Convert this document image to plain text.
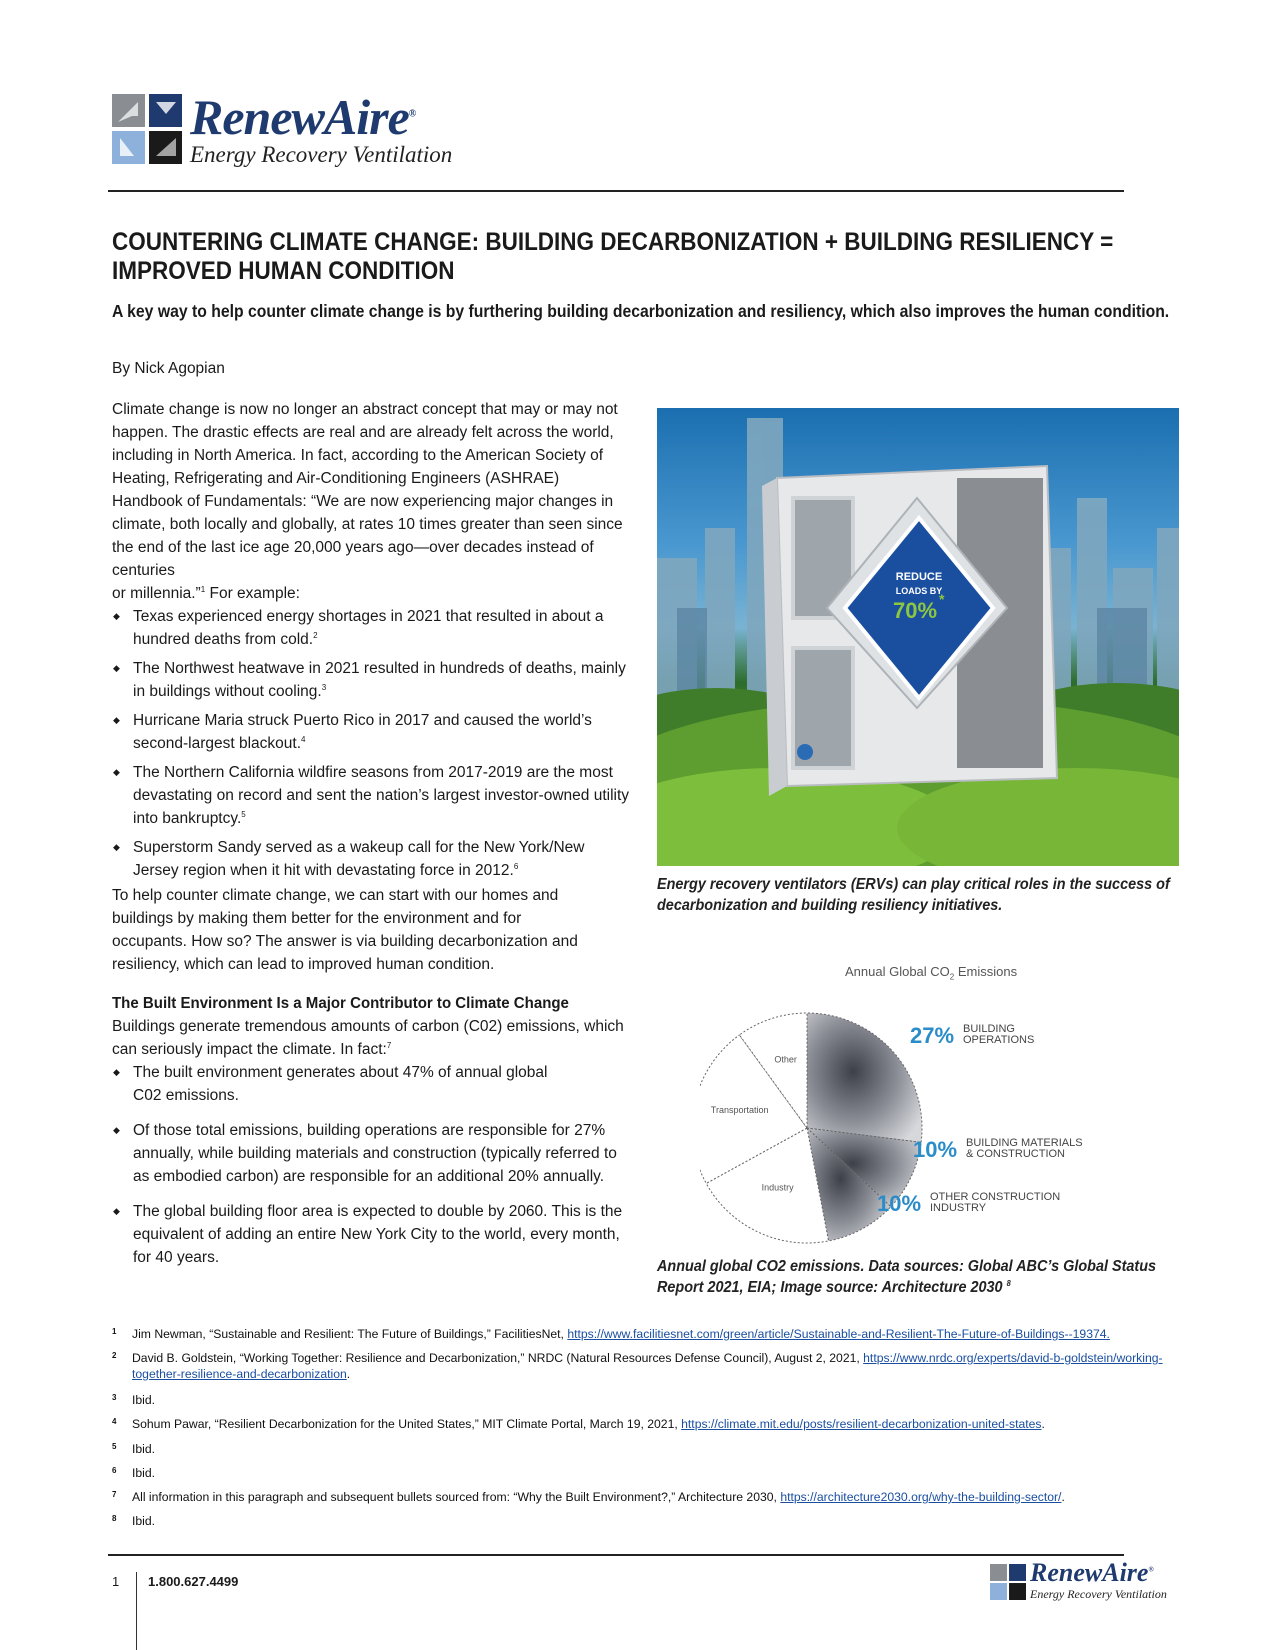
RenewAire®
Energy Recovery Ventilation
COUNTERING CLIMATE CHANGE: BUILDING DECARBONIZATION + BUILDING RESILIENCY = IMPROVED HUMAN CONDITION

A key way to help counter climate change is by furthering building decarbonization and resiliency, which also improves the human condition.

By Nick Agopian

Climate change is now no longer an abstract concept that may or may not happen. The drastic effects are real and are already felt across the world, including in North America. In fact, according to the American Society of Heating, Refrigerating and Air-Conditioning Engineers (ASHRAE) Handbook of Fundamentals: “We are now experiencing major changes in climate, both locally and globally, at rates 10 times greater than seen since the end of the last ice age 20,000 years ago—over decades instead of centuries
or millennia.”$^1$ For example:

◆ Texas experienced energy shortages in 2021 that resulted in about a hundred deaths from cold.$^2$
◆ The Northwest heatwave in 2021 resulted in hundreds of deaths, mainly in buildings without cooling.$^3$
◆ Hurricane Maria struck Puerto Rico in 2017 and caused the world’s second-largest blackout.$^4$
◆ The Northern California wildfire seasons from 2017-2019 are the most devastating on record and sent the nation’s largest investor-owned utility into bankruptcy.$^5$
◆ Superstorm Sandy served as a wakeup call for the New York/New Jersey region when it hit with devastating force in 2012.$^6$

To help counter climate change, we can start with our homes and buildings by making them better for the environment and for occupants. How so? The answer is via building decarbonization and resiliency, which can lead to improved human condition.

The Built Environment Is a Major Contributor to Climate Change

Buildings generate tremendous amounts of carbon (C02) emissions, which can seriously impact the climate. In fact:$^7$

◆ The built environment generates about 47% of annual global C02 emissions.
◆ Of those total emissions, building operations are responsible for 27% annually, while building materials and construction (typically referred to as embodied carbon) are responsible for an additional 20% annually.
◆ The global building floor area is expected to double by 2060. This is the equivalent of adding an entire New York City to the world, every month, for 40 years.
REDUCE
LOADS BY
70% *
Energy recovery ventilators (ERVs) can play critical roles in the success of decarbonization and building resiliency initiatives.
Annual Global $CO_2$ Emissions
27% BUILDING
OPERATIONS
10% BUILDING MATERIALS
& CONSTRUCTION
10% OTHER CONSTRUCTION
INDUSTRY
Industry
Transportation
Other
Annual global CO2 emissions. Data sources: Global ABC’s Global Status Report 2021, EIA; Image source: Architecture 2030 $^8$
1 Jim Newman, “Sustainable and Resilient: The Future of Buildings,” FacilitiesNet, https://www.facilitiesnet.com/green/article/Sustainable-and-Resilient-The-Future-of-Buildings--19374.
2 David B. Goldstein, “Working Together: Resilience and Decarbonization,” NRDC (Natural Resources Defense Council), August 2, 2021, https://www.nrdc.org/experts/david-b-goldstein/working-together-resilience-and-decarbonization.
3 Ibid.
4 Sohum Pawar, “Resilient Decarbonization for the United States,” MIT Climate Portal, March 19, 2021, https://climate.mit.edu/posts/resilient-decarbonization-united-states.
5 Ibid.
6 Ibid.
7 All information in this paragraph and subsequent bullets sourced from: “Why the Built Environment?,” Architecture 2030, https://architecture2030.org/why-the-building-sector/.
8 Ibid.
1 1.800.627.4499	RenewAire®
Energy Recovery Ventilation
